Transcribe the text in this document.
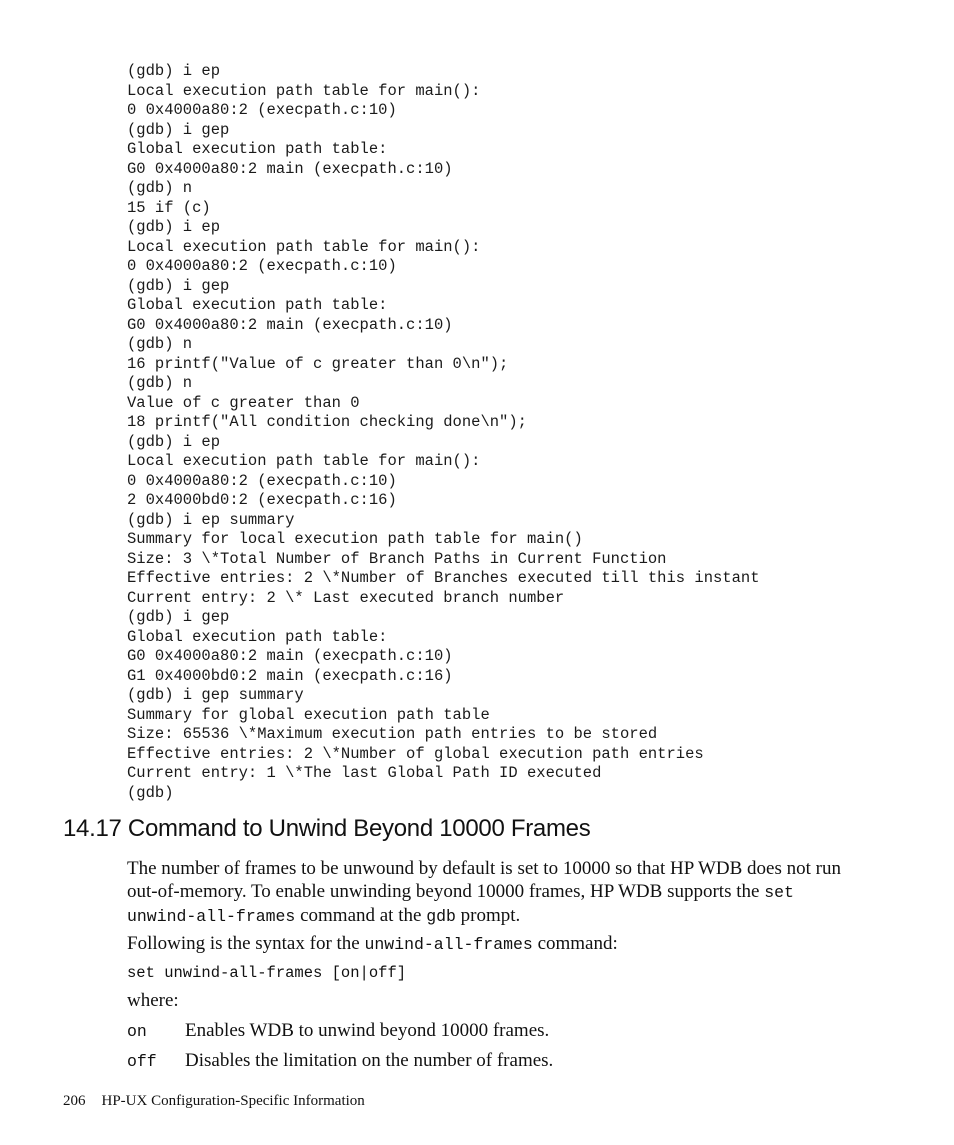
(gdb) i ep
Local execution path table for main():
0 0x4000a80:2 (execpath.c:10)
(gdb) i gep
Global execution path table:
G0 0x4000a80:2 main (execpath.c:10)
(gdb) n
15 if (c)
(gdb) i ep
Local execution path table for main():
0 0x4000a80:2 (execpath.c:10)
(gdb) i gep
Global execution path table:
G0 0x4000a80:2 main (execpath.c:10)
(gdb) n
16 printf("Value of c greater than 0\n");
(gdb) n
Value of c greater than 0
18 printf("All condition checking done\n");
(gdb) i ep
Local execution path table for main():
0 0x4000a80:2 (execpath.c:10)
2 0x4000bd0:2 (execpath.c:16)
(gdb) i ep summary
Summary for local execution path table for main()
Size: 3 \*Total Number of Branch Paths in Current Function
Effective entries: 2 \*Number of Branches executed till this instant
Current entry: 2 \* Last executed branch number
(gdb) i gep
Global execution path table:
G0 0x4000a80:2 main (execpath.c:10)
G1 0x4000bd0:2 main (execpath.c:16)
(gdb) i gep summary
Summary for global execution path table
Size: 65536 \*Maximum execution path entries to be stored
Effective entries: 2 \*Number of global execution path entries
Current entry: 1 \*The last Global Path ID executed
(gdb)
14.17 Command to Unwind Beyond 10000 Frames

The number of frames to be unwound by default is set to 10000 so that HP WDB does not run out-of-memory. To enable unwinding beyond 10000 frames, HP WDB supports the set unwind-all-frames command at the gdb prompt.

Following is the syntax for the unwind-all-frames command:

set unwind-all-frames [on|off]
where:
on Enables WDB to unwind beyond 10000 frames.
off Disables the limitation on the number of frames.
206 HP-UX Configuration-Specific Information
